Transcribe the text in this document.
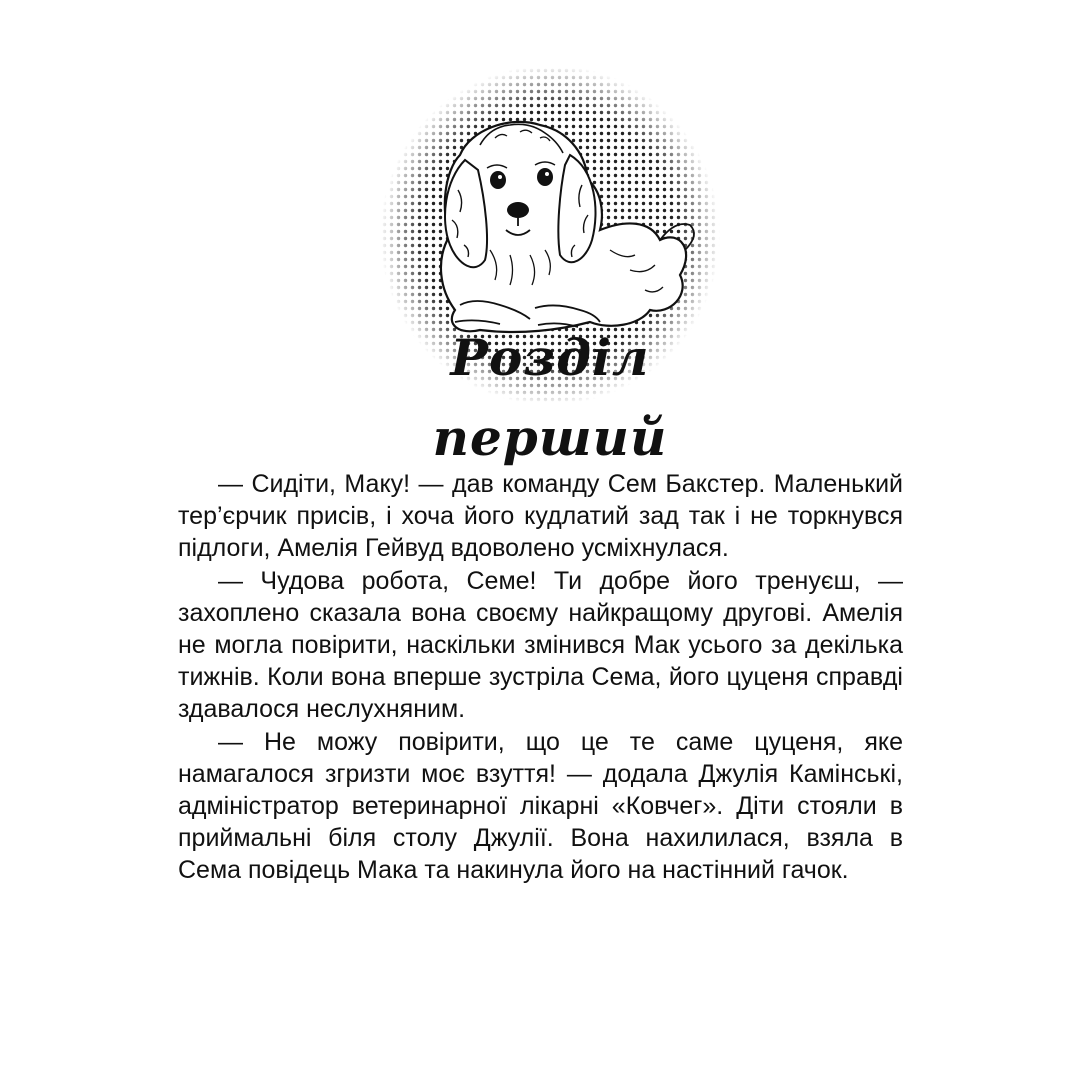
Розділ перший

— Сидіти, Маку! — дав команду Сем Бакстер. Маленький тер’єрчик присів, і хоча його кудлатий зад так і не торкнувся підлоги, Амелія Гейвуд вдоволено усміхнулася.

— Чудова робота, Семе! Ти добре його тренуєш, — захоплено сказала вона своєму найкращому другові. Амелія не могла повірити, наскільки змінився Мак усього за декілька тижнів. Коли вона вперше зустріла Сема, його цуценя справді здавалося неслухняним.

— Не можу повірити, що це те саме цуценя, яке намагалося згризти моє взуття! — додала Джулія Камінські, адміністратор ветеринарної лікарні «Ковчег». Діти стояли в приймальні біля столу Джулії. Вона нахилилася, взяла в Сема повідець Мака та накинула його на настінний гачок.
